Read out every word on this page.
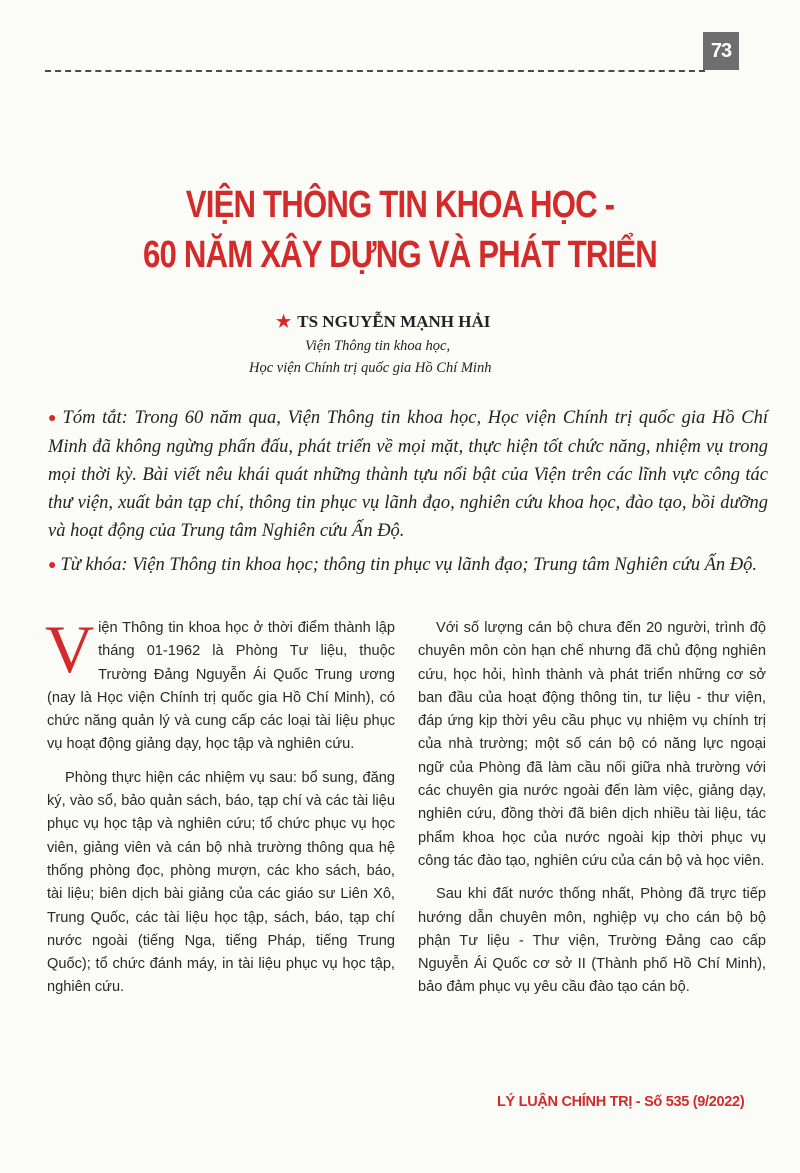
73
VIỆN THÔNG TIN KHOA HỌC -
60 NĂM XÂY DỰNG VÀ PHÁT TRIỂN
★ TS NGUYỄN MẠNH HẢI
Viện Thông tin khoa học,
Học viện Chính trị quốc gia Hồ Chí Minh

● Tóm tắt: Trong 60 năm qua, Viện Thông tin khoa học, Học viện Chính trị quốc gia Hồ Chí Minh đã không ngừng phấn đấu, phát triển về mọi mặt, thực hiện tốt chức năng, nhiệm vụ trong mọi thời kỳ. Bài viết nêu khái quát những thành tựu nổi bật của Viện trên các lĩnh vực công tác thư viện, xuất bản tạp chí, thông tin phục vụ lãnh đạo, nghiên cứu khoa học, đào tạo, bồi dưỡng và hoạt động của Trung tâm Nghiên cứu Ấn Độ.

● Từ khóa: Viện Thông tin khoa học; thông tin phục vụ lãnh đạo; Trung tâm Nghiên cứu Ấn Độ.

Viện Thông tin khoa học ở thời điểm thành lập tháng 01-1962 là Phòng Tư liệu, thuộc Trường Đảng Nguyễn Ái Quốc Trung ương (nay là Học viện Chính trị quốc gia Hồ Chí Minh), có chức năng quản lý và cung cấp các loại tài liệu phục vụ hoạt động giảng dạy, học tập và nghiên cứu.

Phòng thực hiện các nhiệm vụ sau: bổ sung, đăng ký, vào sổ, bảo quản sách, báo, tạp chí và các tài liệu phục vụ học tập và nghiên cứu; tổ chức phục vụ học viên, giảng viên và cán bộ nhà trường thông qua hệ thống phòng đọc, phòng mượn, các kho sách, báo, tài liệu; biên dịch bài giảng của các giáo sư Liên Xô, Trung Quốc, các tài liệu học tập, sách, báo, tạp chí nước ngoài (tiếng Nga, tiếng Pháp, tiếng Trung Quốc); tổ chức đánh máy, in tài liệu phục vụ học tập, nghiên cứu.

Với số lượng cán bộ chưa đến 20 người, trình độ chuyên môn còn hạn chế nhưng đã chủ động nghiên cứu, học hỏi, hình thành và phát triển những cơ sở ban đầu của hoạt động thông tin, tư liệu - thư viện, đáp ứng kịp thời yêu cầu phục vụ nhiệm vụ chính trị của nhà trường; một số cán bộ có năng lực ngoại ngữ của Phòng đã làm cầu nối giữa nhà trường với các chuyên gia nước ngoài đến làm việc, giảng dạy, nghiên cứu, đồng thời đã biên dịch nhiều tài liệu, tác phẩm khoa học của nước ngoài kịp thời phục vụ công tác đào tạo, nghiên cứu của cán bộ và học viên.

Sau khi đất nước thống nhất, Phòng đã trực tiếp hướng dẫn chuyên môn, nghiệp vụ cho cán bộ bộ phận Tư liệu - Thư viện, Trường Đảng cao cấp Nguyễn Ái Quốc cơ sở II (Thành phố Hồ Chí Minh), bảo đảm phục vụ yêu cầu đào tạo cán bộ.

LÝ LUẬN CHÍNH TRỊ - Số 535 (9/2022)
